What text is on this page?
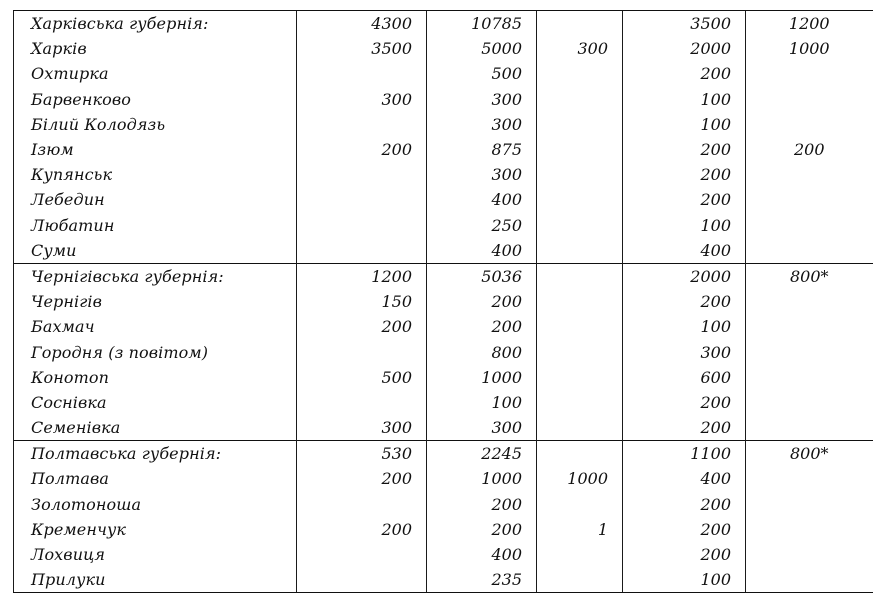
Харківська губернія:	4300	10785		3500	1200
Харків	3500	5000	300	2000	1000
Охтирка		500		200	
Барвенково	300	300		100	
Білий Колодязь		300		100	
Ізюм	200	875		200	200
Купянськ		300		200	
Лебедин		400		200	
Любатин		250		100	
Суми		400		400	
Чернігівська губернія:	1200	5036		2000	800*
Чернігів	150	200		200	
Бахмач	200	200		100	
Городня (з повітом)		800		300	
Конотоп	500	1000		600	
Соснівка		100		200	
Семенівка	300	300		200	
Полтавська губернія:	530	2245		1100	800*
Полтава	200	1000	1000	400	
Золотоноша		200		200	
Кременчук	200	200	1	200	
Лохвиця		400		200	
Прилуки		235		100	
